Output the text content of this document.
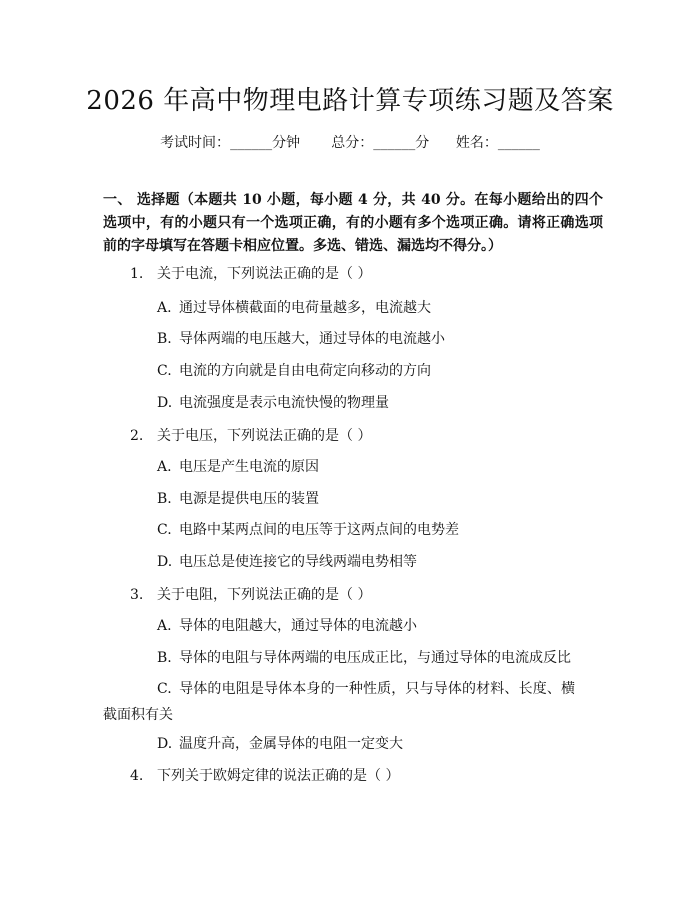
2026 年高中物理电路计算专项练习题及答案
考试时间：______分钟 总分：______分 姓名：______
一、 选择题（本题共 10 小题，每小题 4 分，共 40 分。在每小题给出的四个选项中，有的小题只有一个选项正确，有的小题有多个选项正确。请将正确选项前的字母填写在答题卡相应位置。多选、错选、漏选均不得分。）
1. 关于电流，下列说法正确的是（ ）
A. 通过导体横截面的电荷量越多，电流越大
B. 导体两端的电压越大，通过导体的电流越小
C. 电流的方向就是自由电荷定向移动的方向
D. 电流强度是表示电流快慢的物理量
2. 关于电压，下列说法正确的是（ ）
A. 电压是产生电流的原因
B. 电源是提供电压的装置
C. 电路中某两点间的电压等于这两点间的电势差
D. 电压总是使连接它的导线两端电势相等
3. 关于电阻，下列说法正确的是（ ）
A. 导体的电阻越大，通过导体的电流越小
B. 导体的电阻与导体两端的电压成正比，与通过导体的电流成反比
C. 导体的电阻是导体本身的一种性质，只与导体的材料、长度、横截面积有关
D. 温度升高，金属导体的电阻一定变大
4. 下列关于欧姆定律的说法正确的是（ ）
